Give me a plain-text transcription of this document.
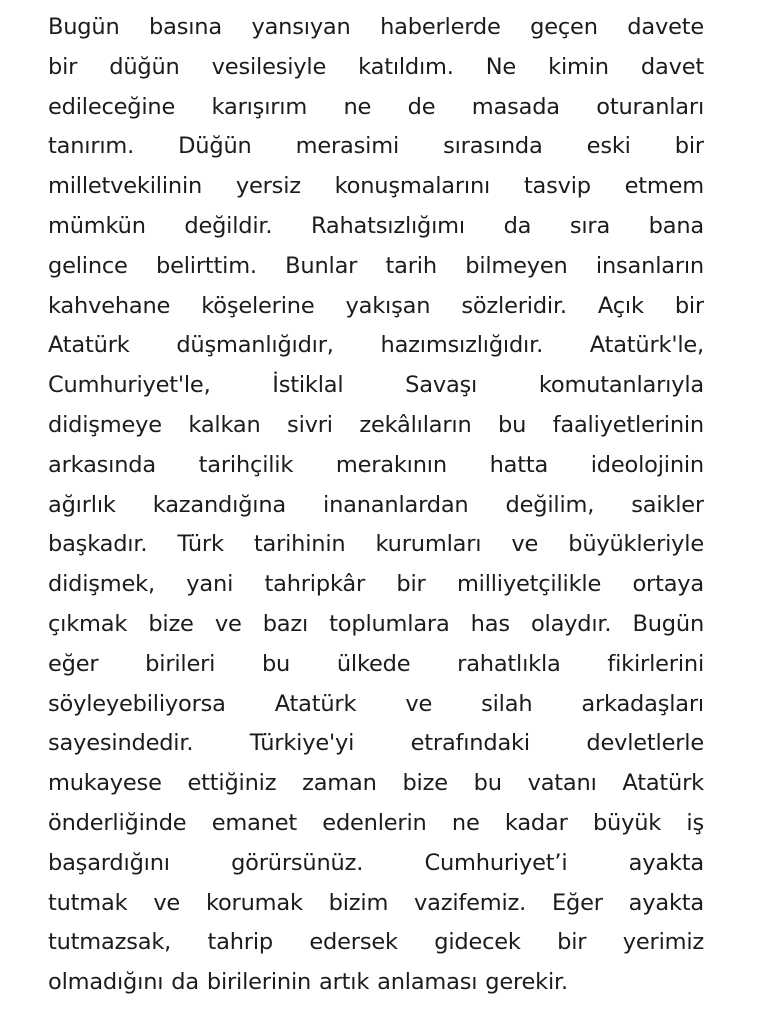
Bugün basına yansıyan haberlerde geçen davete
bir düğün vesilesiyle katıldım. Ne kimin davet
edileceğine karışırım ne de masada oturanları
tanırım. Düğün merasimi sırasında eski bir
milletvekilinin yersiz konuşmalarını tasvip etmem
mümkün değildir. Rahatsızlığımı da sıra bana
gelince belirttim. Bunlar tarih bilmeyen insanların
kahvehane köşelerine yakışan sözleridir. Açık bir
Atatürk düşmanlığıdır, hazımsızlığıdır. Atatürk'le,
Cumhuriyet'le, İstiklal Savaşı komutanlarıyla
didişmeye kalkan sivri zekâlıların bu faaliyetlerinin
arkasında tarihçilik merakının hatta ideolojinin
ağırlık kazandığına inananlardan değilim, saikler
başkadır. Türk tarihinin kurumları ve büyükleriyle
didişmek, yani tahripkâr bir milliyetçilikle ortaya
çıkmak bize ve bazı toplumlara has olaydır. Bugün
eğer birileri bu ülkede rahatlıkla fikirlerini
söyleyebiliyorsa Atatürk ve silah arkadaşları
sayesindedir. Türkiye'yi etrafındaki devletlerle
mukayese ettiğiniz zaman bize bu vatanı Atatürk
önderliğinde emanet edenlerin ne kadar büyük iş
başardığını görürsünüz. Cumhuriyet’i ayakta
tutmak ve korumak bizim vazifemiz. Eğer ayakta
tutmazsak, tahrip edersek gidecek bir yerimiz
olmadığını da birilerinin artık anlaması gerekir.
